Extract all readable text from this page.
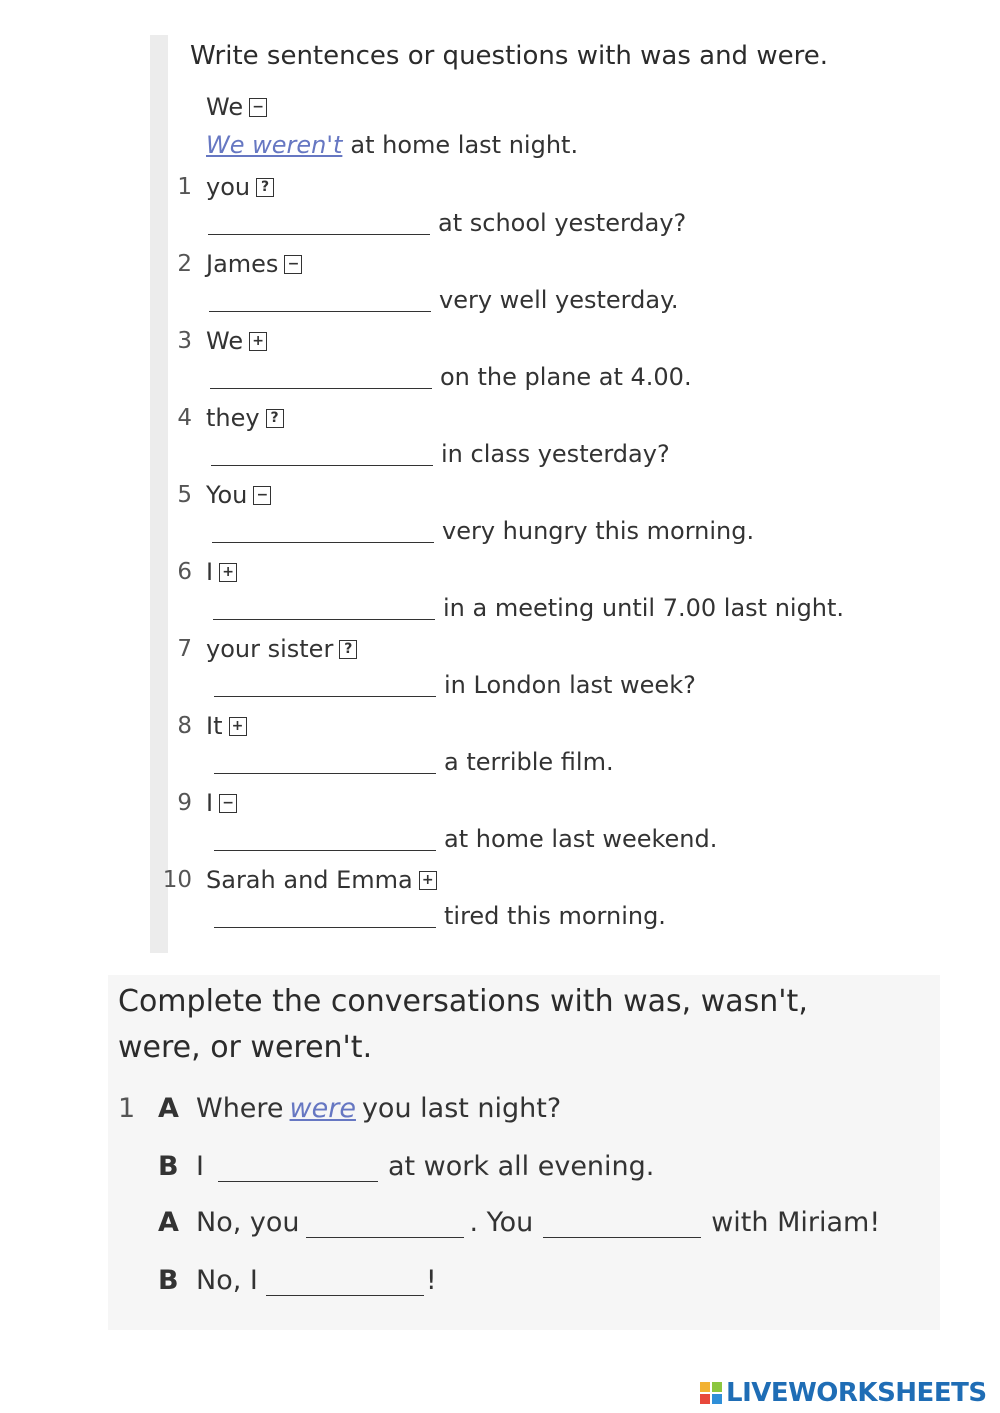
Write sentences or questions with was and were.
We −
We weren't at home last night.
1 you ?
at school yesterday?
2 James −
very well yesterday.
3 We +
on the plane at 4.00.
4 they ?
in class yesterday?
5 You −
very hungry this morning.
6 I +
in a meeting until 7.00 last night.
7 your sister ?
in London last week?
8 It +
a terrible film.
9 I −
at home last weekend.
10 Sarah and Emma +
tired this morning.
Complete the conversations with was, wasn't,
were, or weren't.
1 A Where were you last night?
B I	at work all evening.
A No, you	. You	with Miriam!
B No, I	!
LIVEWORKSHEETS
